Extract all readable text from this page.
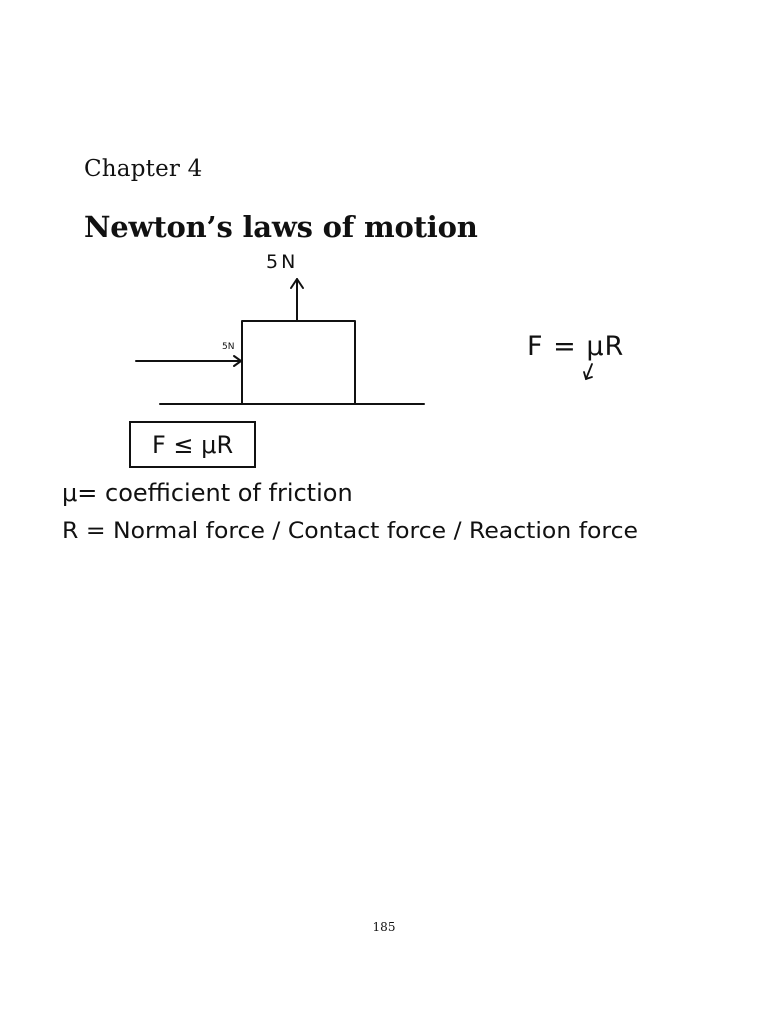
Chapter 4
Newton’s laws of motion
5N
5N	F = μR
F ≤ μR
μ= coefficient of friction
R = Normal force / Contact force / Reaction force
185
